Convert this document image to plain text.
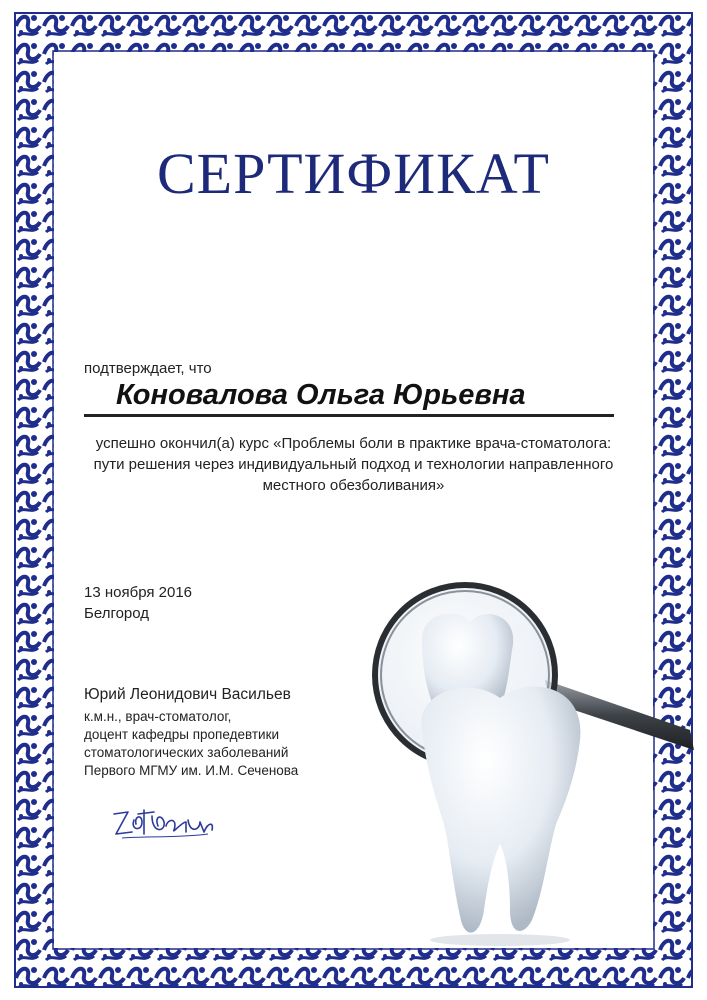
СЕРТИФИКАТ
подтверждает, что
Коновалова Ольга Юрьевна
успешно окончил(а) курс «Проблемы боли в практике врача-стоматолога:
пути решения через индивидуальный подход и технологии направленного
местного обезболивания»
13 ноября 2016
Белгород
Юрий Леонидович Васильев
к.м.н., врач-стоматолог,
доцент кафедры пропедевтики
стоматологических заболеваний
Первого МГМУ им. И.М. Сеченова
